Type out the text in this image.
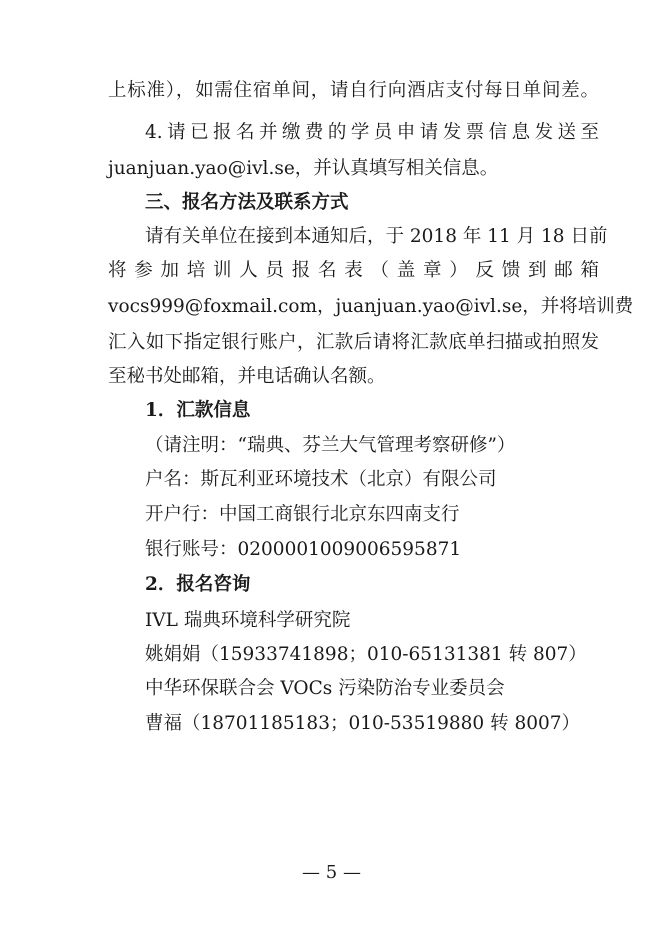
上标准），如需住宿单间，请自行向酒店支付每日单间差。
4.请已报名并缴费的学员申请发票信息发送至
juanjuan.yao@ivl.se，并认真填写相关信息。
三、报名方法及联系方式
请有关单位在接到本通知后，于 2018 年 11 月 18 日前
将参加培训人员报名表（盖章）反馈到邮箱
vocs999@foxmail.com，juanjuan.yao@ivl.se，并将培训费
汇入如下指定银行账户，汇款后请将汇款底单扫描或拍照发
至秘书处邮箱，并电话确认名额。
1．汇款信息
（请注明：“瑞典、芬兰大气管理考察研修”）
户名：斯瓦利亚环境技术（北京）有限公司
开户行：中国工商银行北京东四南支行
银行账号：0200001009006595871
2．报名咨询
IVL 瑞典环境科学研究院
姚娟娟（15933741898；010-65131381 转 807）
中华环保联合会 VOCs 污染防治专业委员会
曹福（18701185183；010-53519880 转 8007）
— 5 —
